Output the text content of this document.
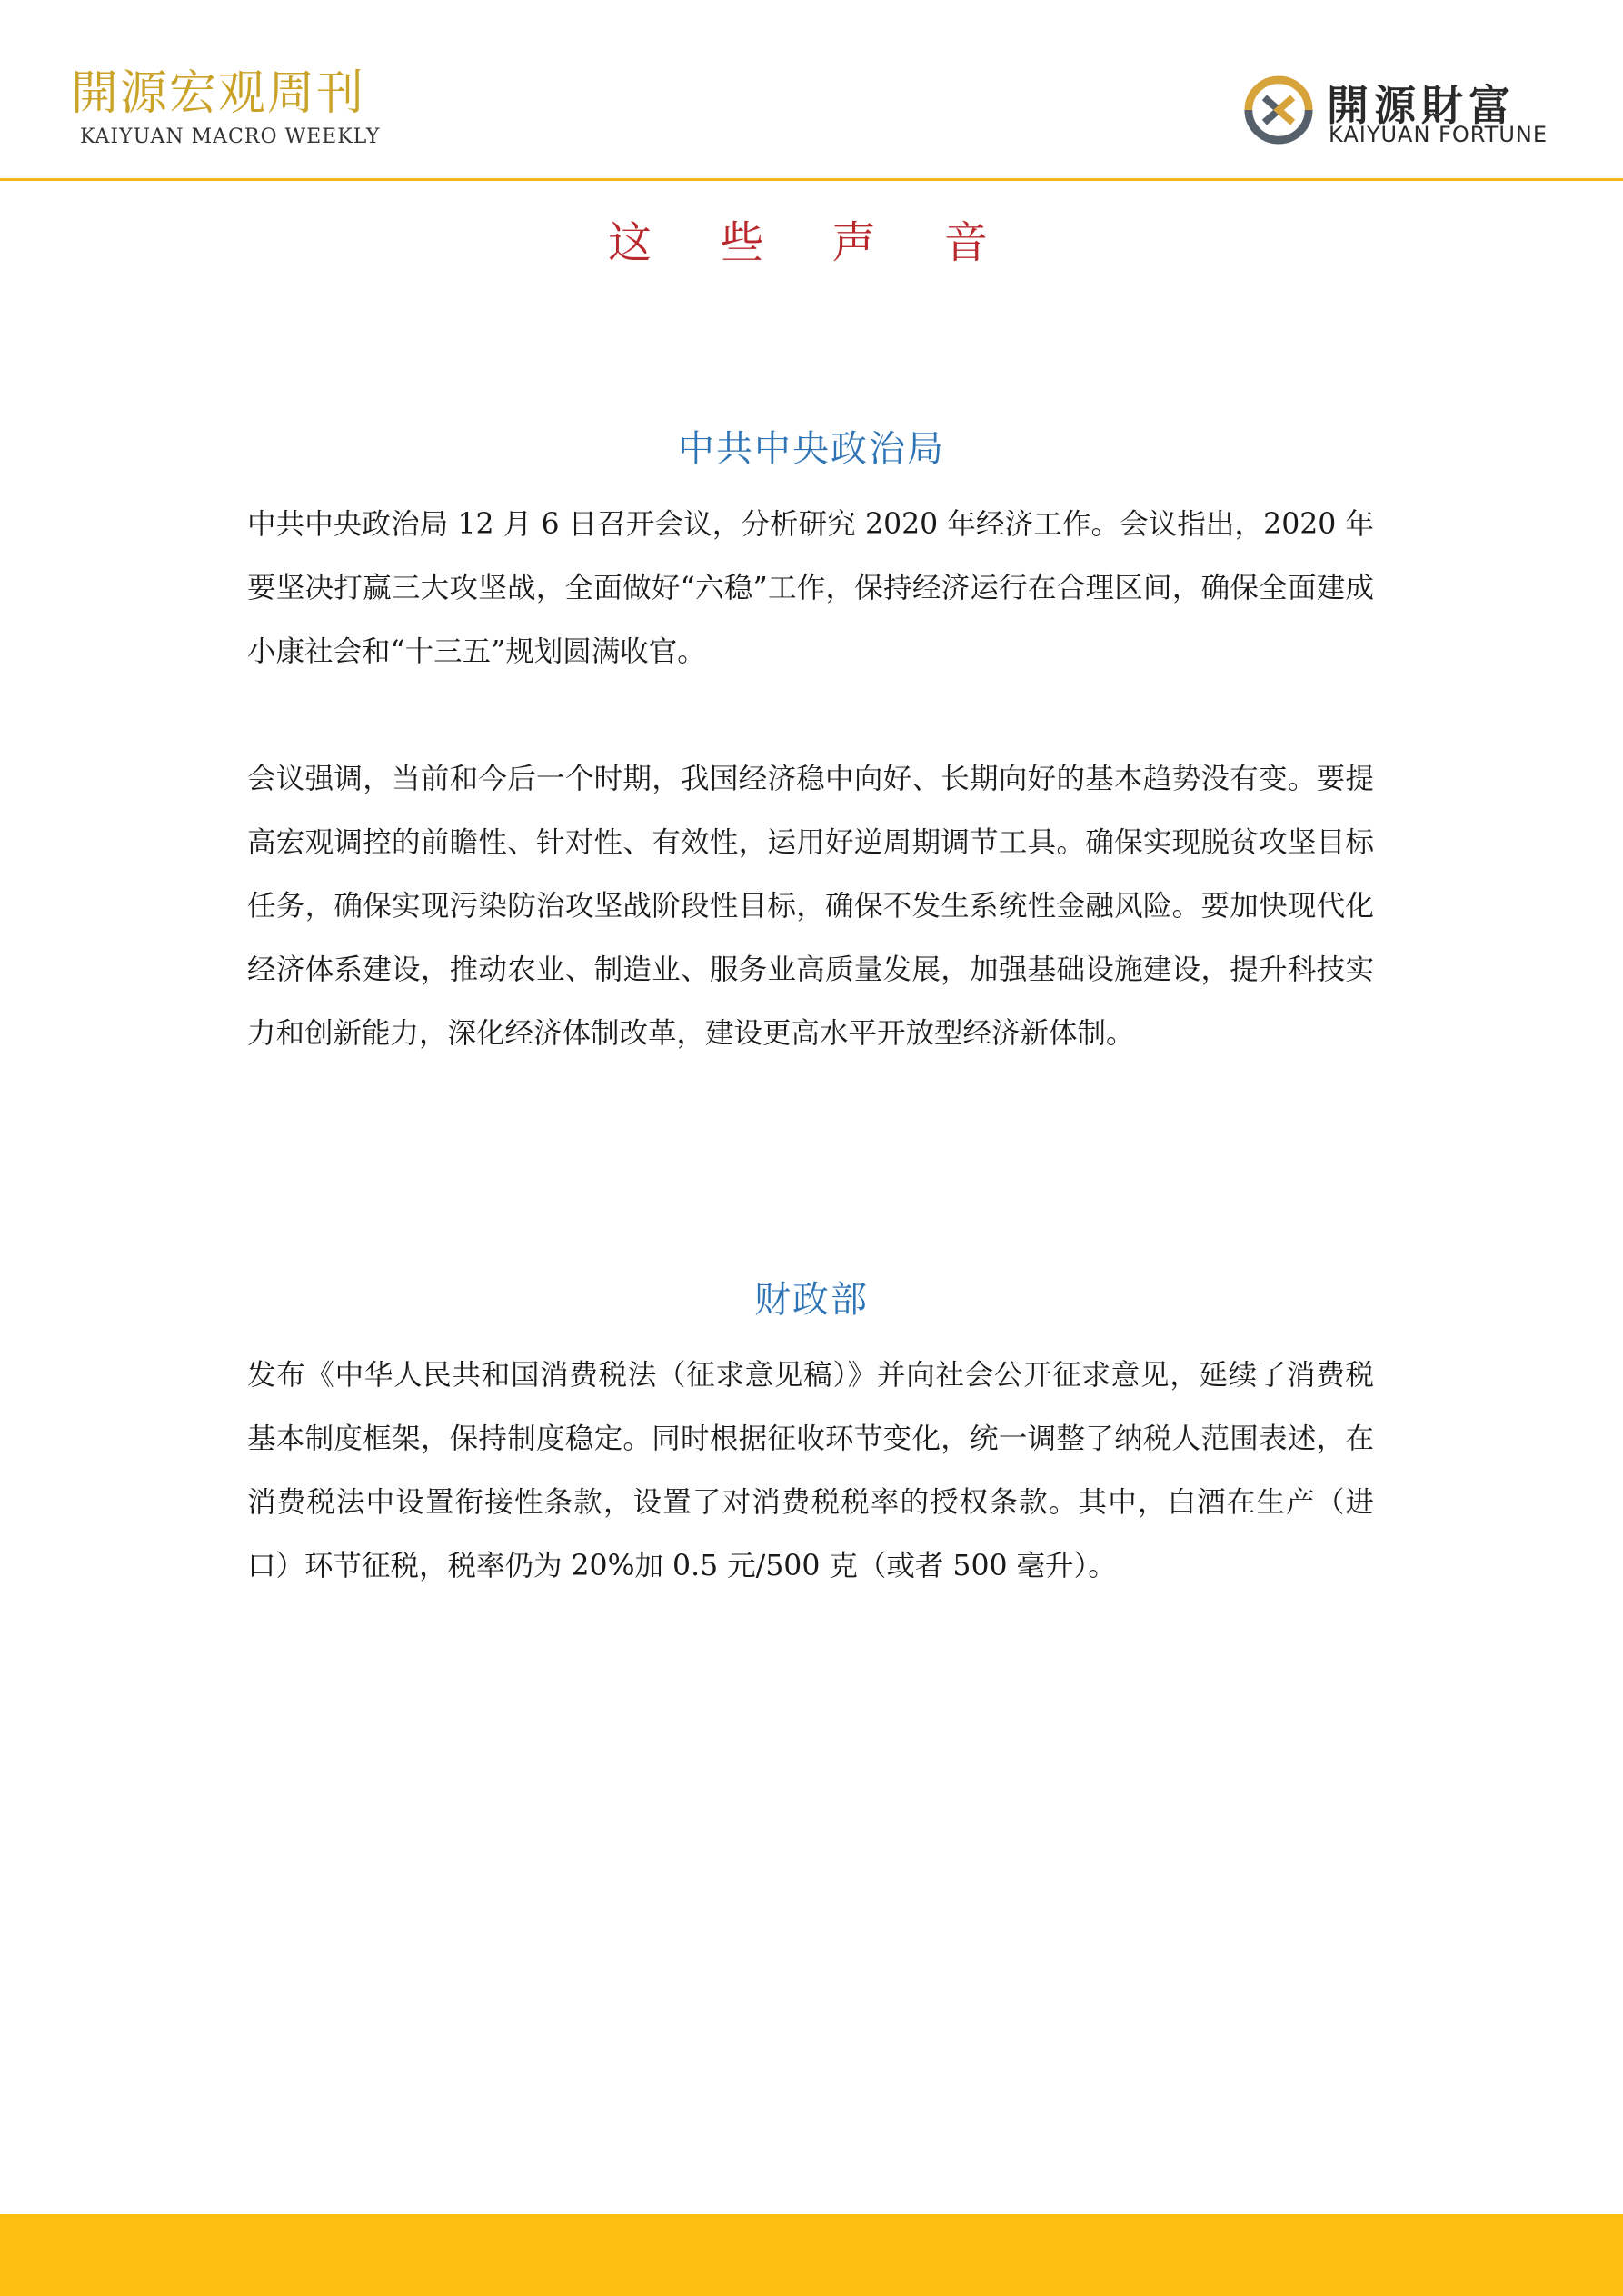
開源宏观周刊
KAIYUAN MACRO WEEKLY
開源財富
KAIYUAN FORTUNE
这 些 声 音
中共中央政治局

中共中央政治局 12 月 6 日召开会议，分析研究 2020 年经济工作。会议指出，2020 年要坚决打赢三大攻坚战，全面做好“六稳”工作，保持经济运行在合理区间，确保全面建成小康社会和“十三五”规划圆满收官。

会议强调，当前和今后一个时期，我国经济稳中向好、长期向好的基本趋势没有变。要提高宏观调控的前瞻性、针对性、有效性，运用好逆周期调节工具。确保实现脱贫攻坚目标任务，确保实现污染防治攻坚战阶段性目标，确保不发生系统性金融风险。要加快现代化经济体系建设，推动农业、制造业、服务业高质量发展，加强基础设施建设，提升科技实力和创新能力，深化经济体制改革，建设更高水平开放型经济新体制。

财政部

发布《中华人民共和国消费税法（征求意见稿）》并向社会公开征求意见，延续了消费税基本制度框架，保持制度稳定。同时根据征收环节变化，统一调整了纳税人范围表述，在消费税法中设置衔接性条款，设置了对消费税税率的授权条款。其中，白酒在生产（进口）环节征税，税率仍为 20%加 0.5 元/500 克（或者 500 毫升）。
